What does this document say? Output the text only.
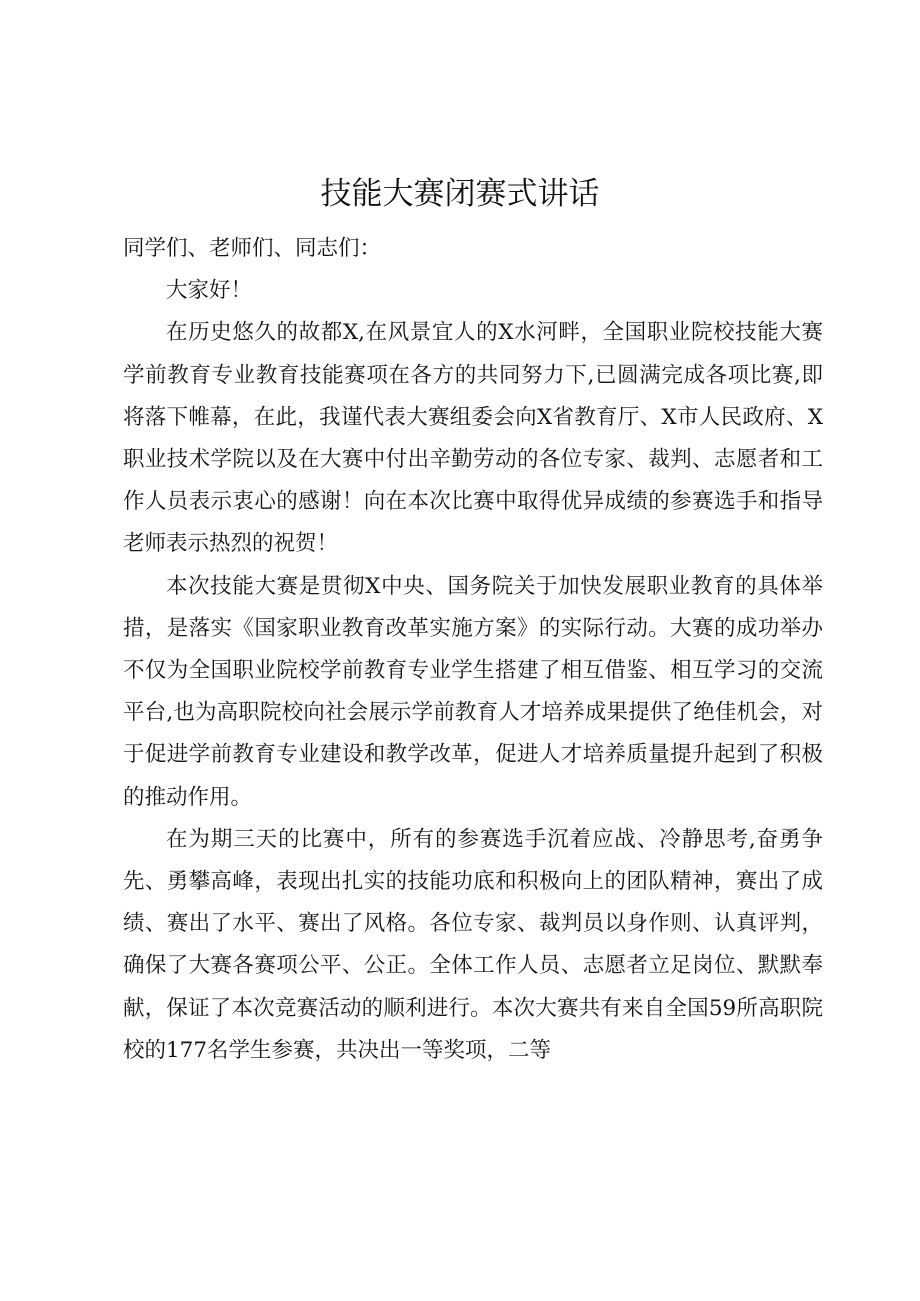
技能大赛闭赛式讲话

同学们、老师们、同志们：

大家好！

在历史悠久的故都X,在风景宜人的X水河畔，全国职业院校技能大赛学前教育专业教育技能赛项在各方的共同努力下,已圆满完成各项比赛,即将落下帷幕，在此，我谨代表大赛组委会向X省教育厅、X市人民政府、X职业技术学院以及在大赛中付出辛勤劳动的各位专家、裁判、志愿者和工作人员表示衷心的感谢！向在本次比赛中取得优异成绩的参赛选手和指导老师表示热烈的祝贺！

本次技能大赛是贯彻X中央、国务院关于加快发展职业教育的具体举措，是落实《国家职业教育改革实施方案》的实际行动。大赛的成功举办不仅为全国职业院校学前教育专业学生搭建了相互借鉴、相互学习的交流平台,也为高职院校向社会展示学前教育人才培养成果提供了绝佳机会，对于促进学前教育专业建设和教学改革，促进人才培养质量提升起到了积极的推动作用。

在为期三天的比赛中，所有的参赛选手沉着应战、冷静思考,奋勇争先、勇攀高峰，表现出扎实的技能功底和积极向上的团队精神，赛出了成绩、赛出了水平、赛出了风格。各位专家、裁判员以身作则、认真评判，确保了大赛各赛项公平、公正。全体工作人员、志愿者立足岗位、默默奉献，保证了本次竞赛活动的顺利进行。本次大赛共有来自全国59所高职院校的177名学生参赛，共决出一等奖项，二等
